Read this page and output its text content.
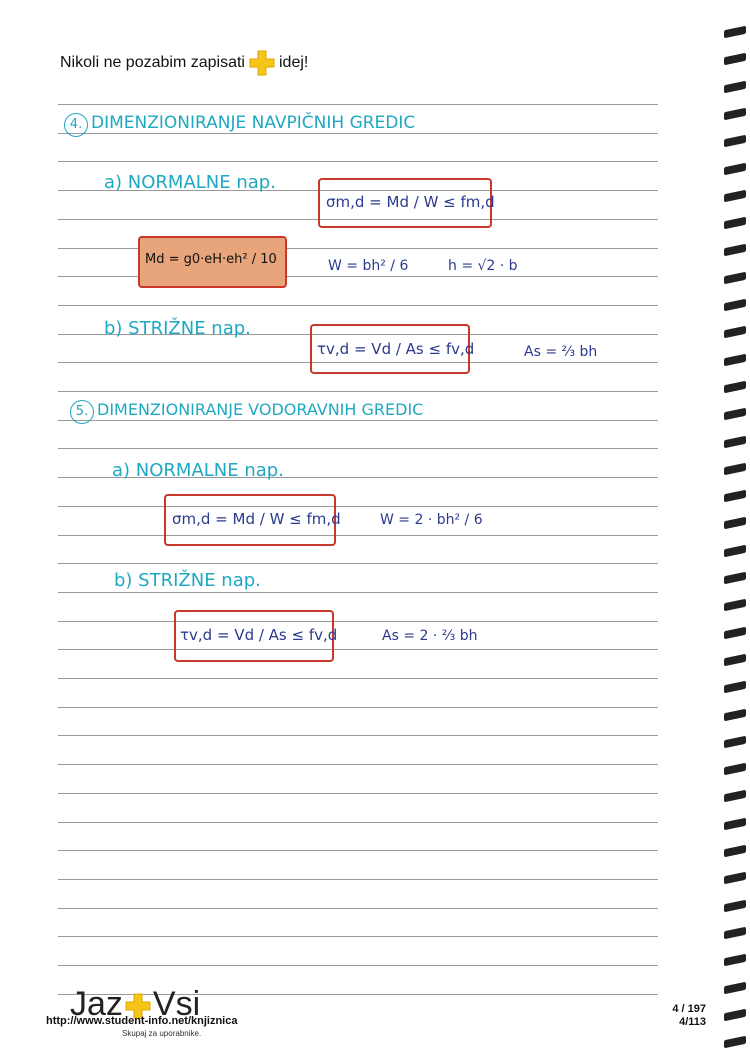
Nikoli ne pozabim zapisati idej!
4. DIMENZIONIRANJE NAVPIČNIH GREDIC
a) NORMALNE nap.
σm,d = Md / W ≤ fm,d
Md = g0·eH·eh² / 10	W = bh² / 6	h = √2 · b
b) STRIŽNE nap.
τv,d = Vd / As ≤ fv,d	As = ⅔ bh
5. DIMENZIONIRANJE VODORAVNIH GREDIC
a) NORMALNE nap.
σm,d = Md / W ≤ fm,d	W = 2 · bh² / 6
b) STRIŽNE nap.
τv,d = Vd / As ≤ fv,d	As = 2 · ⅔ bh
Jaz Vsi
http://www.student-info.net/knjiznica
Skupaj za uporabnike.
4 / 197
4/113
